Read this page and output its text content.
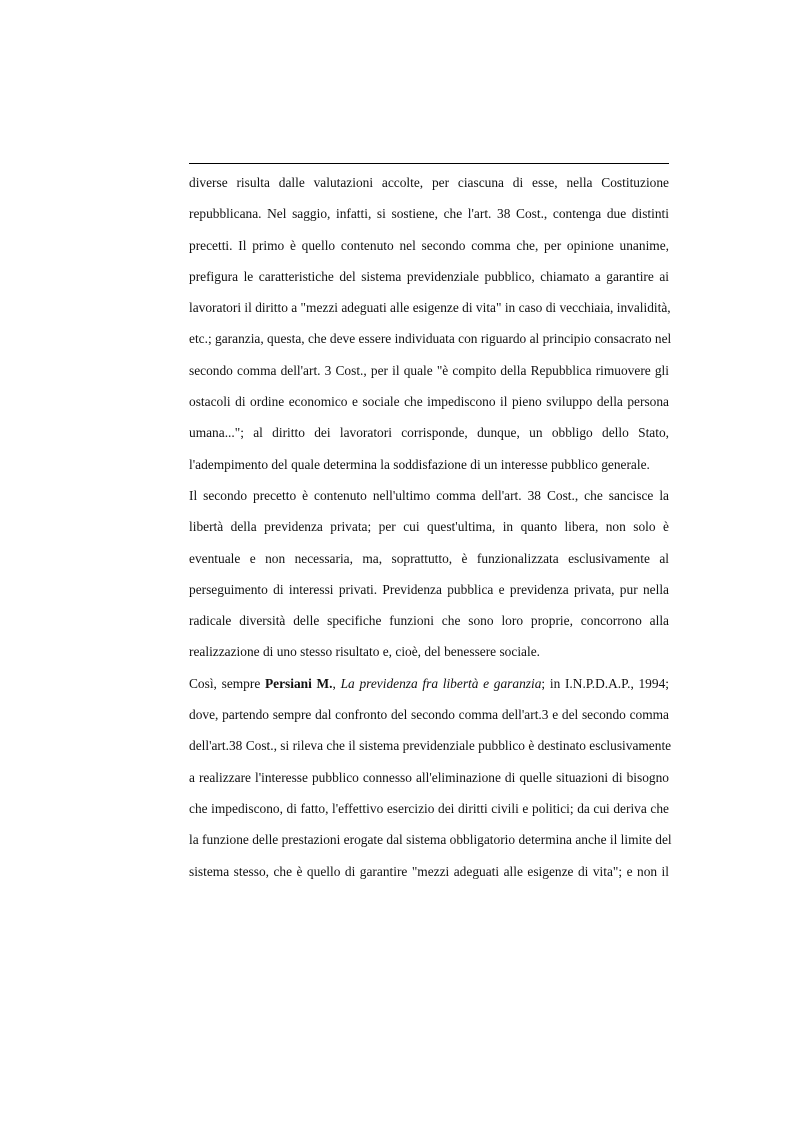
diverse risulta dalle valutazioni accolte, per ciascuna di esse, nella Costituzione
repubblicana. Nel saggio, infatti, si sostiene, che l'art. 38 Cost., contenga due distinti
precetti. Il primo è quello contenuto nel secondo comma che, per opinione unanime,
prefigura le caratteristiche del sistema previdenziale pubblico, chiamato a garantire ai
lavoratori il diritto a "mezzi adeguati alle esigenze di vita" in caso di vecchiaia, invalidità,
etc.; garanzia, questa, che deve essere individuata con riguardo al principio consacrato nel
secondo comma dell'art. 3 Cost., per il quale "è compito della Repubblica rimuovere gli
ostacoli di ordine economico e sociale che impediscono il pieno sviluppo della persona
umana..."; al diritto dei lavoratori corrisponde, dunque, un obbligo dello Stato,
l'adempimento del quale determina la soddisfazione di un interesse pubblico generale.

Il secondo precetto è contenuto nell'ultimo comma dell'art. 38 Cost., che sancisce la
libertà della previdenza privata; per cui quest'ultima, in quanto libera, non solo è
eventuale e non necessaria, ma, soprattutto, è funzionalizzata esclusivamente al
perseguimento di interessi privati. Previdenza pubblica e previdenza privata, pur nella
radicale diversità delle specifiche funzioni che sono loro proprie, concorrono alla
realizzazione di uno stesso risultato e, cioè, del benessere sociale.

Così, sempre Persiani M., La previdenza fra libertà e garanzia; in I.N.P.D.A.P., 1994;
dove, partendo sempre dal confronto del secondo comma dell'art.3 e del secondo comma
dell'art.38 Cost., si rileva che il sistema previdenziale pubblico è destinato esclusivamente
a realizzare l'interesse pubblico connesso all'eliminazione di quelle situazioni di bisogno
che impediscono, di fatto, l'effettivo esercizio dei diritti civili e politici; da cui deriva che
la funzione delle prestazioni erogate dal sistema obbligatorio determina anche il limite del
sistema stesso, che è quello di garantire "mezzi adeguati alle esigenze di vita"; e non il
